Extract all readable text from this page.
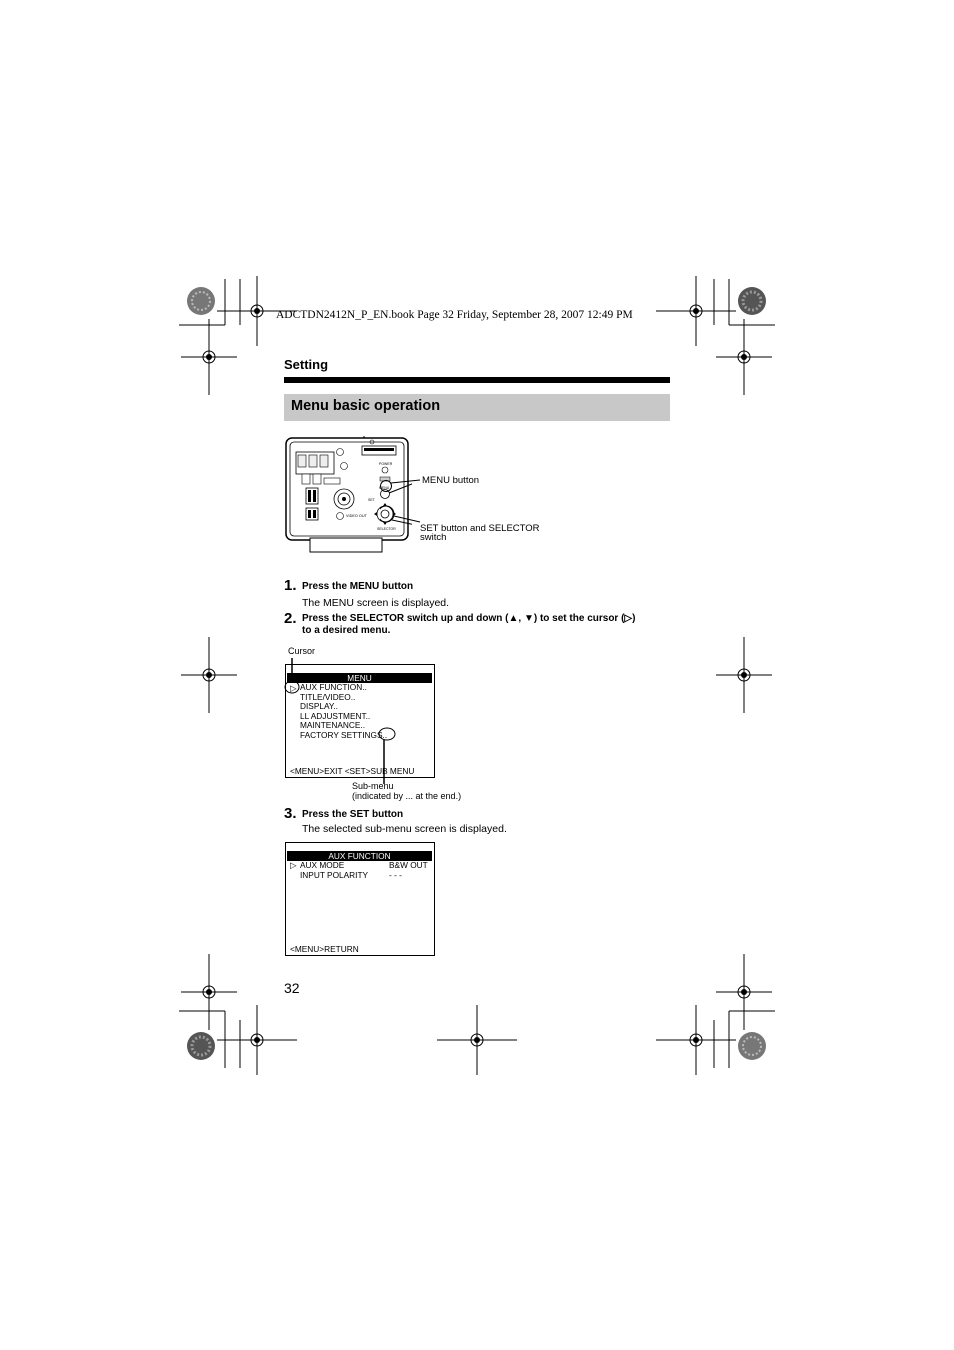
ADCTDN2412N_P_EN.book Page 32 Friday, September 28, 2007 12:49 PM
Setting
Menu basic operation
POWER
MENU
SET
SELECTOR
VIDEO OUT
MENU button
SET button and SELECTOR
switch
1. Press the MENU button
The MENU screen is displayed.
2. Press the SELECTOR switch up and down (▲, ▼) to set the cursor (▷)
to a desired menu.
Cursor
MENU
▷ AUX FUNCTION..
TITLE/VIDEO..
DISPLAY..
LL ADJUSTMENT..
MAINTENANCE..
FACTORY SETTINGS..
<MENU>EXIT <SET>SUB MENU
Sub-menu
(indicated by ... at the end.)
3. Press the SET button
The selected sub-menu screen is displayed.
AUX FUNCTION
▷ AUX MODE	B&W OUT
INPUT POLARITY	- - -
<MENU>RETURN
32
